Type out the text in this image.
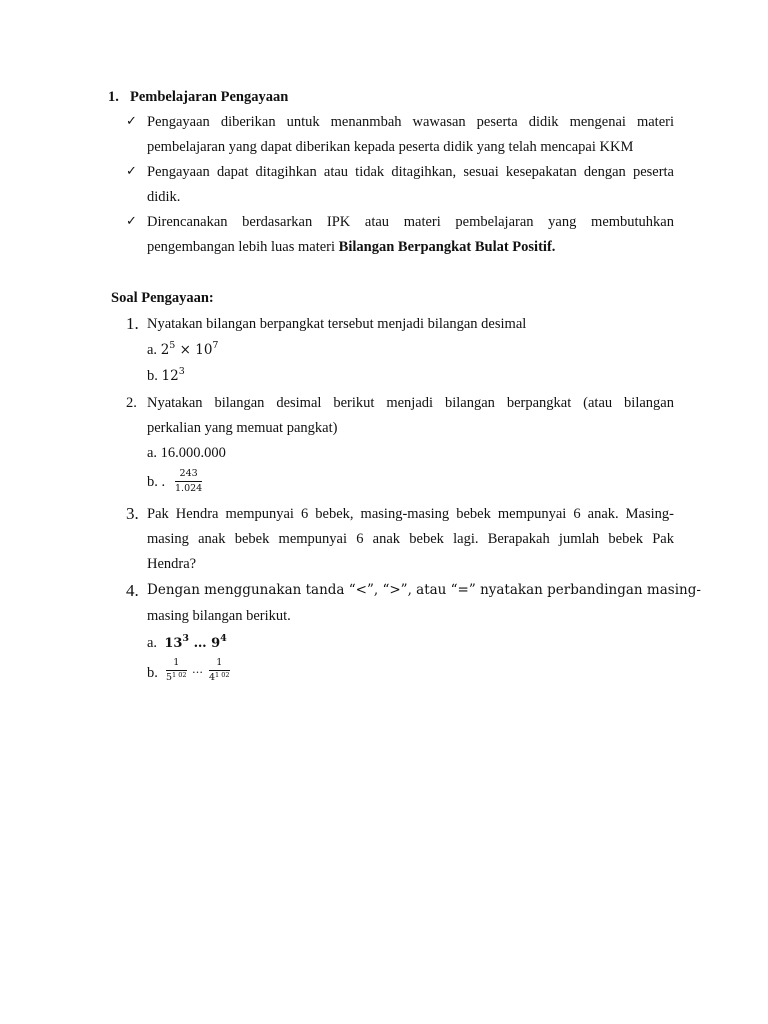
1. Pembelajaran Pengayaan
✓ Pengayaan diberikan untuk menanmbah wawasan peserta didik mengenai materi
pembelajaran yang dapat diberikan kepada peserta didik yang telah mencapai KKM
✓ Pengayaan dapat ditagihkan atau tidak ditagihkan, sesuai kesepakatan dengan peserta
didik.
✓ Direncanakan berdasarkan IPK atau materi pembelajaran yang membutuhkan
pengembangan lebih luas materi Bilangan Berpangkat Bulat Positif.
Soal Pengayaan:
1. Nyatakan bilangan berpangkat tersebut menjadi bilangan desimal
a. $2^5 \times 10^7$
b. $12^3$
2. Nyatakan bilangan desimal berikut menjadi bilangan berpangkat (atau bilangan
perkalian yang memuat pangkat)
a. 16.000.000
b. . $\frac{243}{1.024}$
3. Pak Hendra mempunyai 6 bebek, masing-masing bebek mempunyai 6 anak. Masing-
masing anak bebek mempunyai 6 anak bebek lagi. Berapakah jumlah bebek Pak
Hendra?
4. Dengan menggunakan tanda “<”, “>”, atau “=” nyatakan perbandingan masing-
masing bilangan berikut.
a. $13^3$ … $9^4$
b. $\frac{1}{5^{1 02}}$ … $\frac{1}{4^{1 02}}$
